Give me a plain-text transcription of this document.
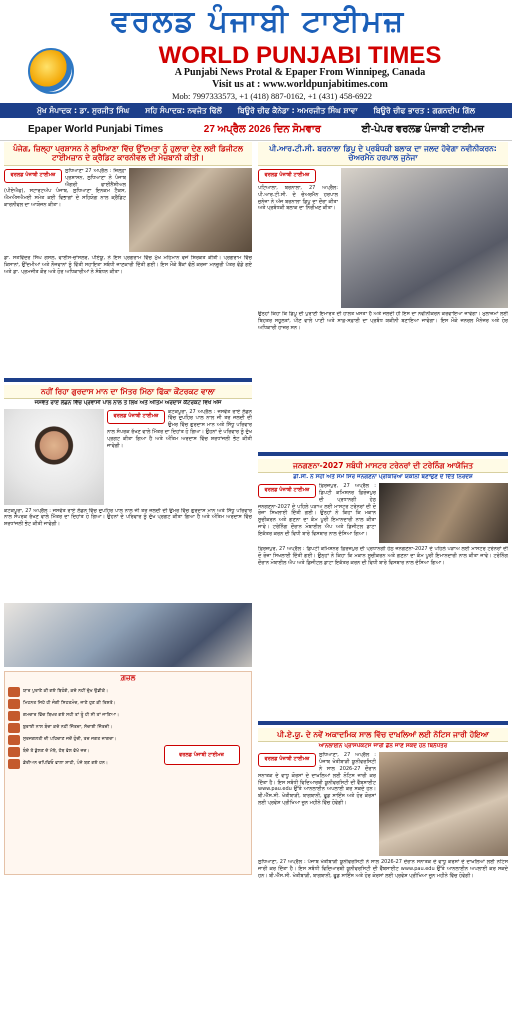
ਵਰਲਡ ਪੰਜਾਬੀ ਟਾਈਮਜ਼
WORLD PUNJABI TIMES
A Punjabi News Protal & Epaper From Winnipeg, Canada
Visit us at : www.worldpunjabitimes.com
Mob: 7997333573, +1 (418) 887-0162, +1 (431) 458-6922
ਮੁੱਖ ਸੰਪਾਦਕ : ਡਾ. ਸੁਰਜੀਤ ਸਿੰਘ ਸਹਿ ਸੰਪਾਦਕ: ਨਵਜੋਤ ਢਿੱਲੋਂ ਬਿਊਰੋ ਚੀਫ ਕੈਨੇਡਾ : ਅਮਰਜੀਤ ਸਿੰਘ ਸ਼ਾਵਾ ਬਿਊਰੋ ਚੀਫ ਭਾਰਤ : ਗਗਨਦੀਪ ਗਿੱਲ
Epaper World Punjabi Times	27 ਅਪ੍ਰੈਲ 2026 ਦਿਨ ਸੋਮਵਾਰ	ਈ-ਪੇਪਰ ਵਰਲਡ ਪੰਜਾਬੀ ਟਾਈਮਜ਼
ਪੰਜੇਗ, ਜ਼ਿਲ੍ਹਾ ਪ੍ਰਸ਼ਾਸਨ ਨੇ ਲੁਧਿਆਣਾ ਵਿੱਚ ਉੱਦਮਤਾ ਨੂੰ ਹੁਲਾਰਾ ਦੇਣ ਲਈ ਡਿਜੀਟਲ ਟਾਈਮਜ਼ਾਨ ਦੇ ਕ੍ਰੈਡਿਟ ਕਾਰਨੀਵਲ ਦੀ ਮੇਜ਼ਬਾਨੀ ਕੀਤੀ।
ਵਰਲਡ ਪੰਜਾਬੀ ਟਾਈਮਜ਼
ਲੁਧਿਆਣਾ 27 ਅਪ੍ਰੈਲ : ਜ਼ਿਲ੍ਹਾ ਪ੍ਰਸ਼ਾਸਨ, ਲੁਧਿਆਣਾ ਨੇ ਪੰਜਾਬ ਐਗਰੀ ਫਾਈਨੈਂਸ਼ੀਅਲ (ਪੀਏਐਫ), ਸਟਾਰਟਅੱਪ ਪੰਜਾਬ, ਲੁਧਿਆਣਾ ਇਨਕਮ ਟੈਕਸ, ਐਮਐਸਐਮਈ ਸਮੇਤ ਕਈ ਵਿਭਾਗਾਂ ਦੇ ਸਹਿਯੋਗ ਨਾਲ ਕ੍ਰੈਡਿਟ ਕਾਰਨੀਵਲ ਦਾ ਆਯੋਜਨ ਕੀਤਾ।
ਡਾ. ਸਤਵਿੰਦਰ ਸਿੰਘ ਗੋਸਲ, ਵਾਈਸ-ਚਾਂਸਲਰ, ਪੀਏਯੂ, ਨੇ ਇਸ ਪ੍ਰੋਗਰਾਮ ਵਿੱਚ ਮੁੱਖ ਮਹਿਮਾਨ ਵਜੋਂ ਸ਼ਿਰਕਤ ਕੀਤੀ। ਪ੍ਰੋਗਰਾਮ ਵਿੱਚ ਕਿਸਾਨਾਂ, ਉੱਦਮੀਆਂ ਅਤੇ ਨੌਜਵਾਨਾਂ ਨੂੰ ਵਿੱਤੀ ਸਹਾਇਤਾ ਸਬੰਧੀ ਜਾਣਕਾਰੀ ਦਿੱਤੀ ਗਈ। ਇਸ ਮੌਕੇ ਬੈਂਕਾਂ ਵੱਲੋਂ ਕਰਜ਼ਾ ਮਨਜ਼ੂਰੀ ਪੱਤਰ ਵੰਡੇ ਗਏ ਅਤੇ ਡਾ. ਪ੍ਰਮਜੀਤ ਕੌਰ ਅਤੇ ਹੋਰ ਅਧਿਕਾਰੀਆਂ ਨੇ ਸੰਬੋਧਨ ਕੀਤਾ।
ਨਹੀਂ ਰਿਹਾ ਗੁਰਦਾਸ ਮਾਨ ਦਾ ਮਿੱਤਰ ਮਿੱਠਾ ਫਿੱਕਾ ਕੌਂਟਰਕਟ ਵਾਲਾ
ਜਸਵੰਤ ਰਾਏ ਲੰਡਨ ਵਿੱਚ ਪ੍ਰਵਾਸੀ ਪਾਲ ਨਾਲ ਤੇ ਲਿਖ ਅਤੇ ਅੰਤਿਮ ਅਰਦਾਸ ਕੌਂਟਰਕਟ ਵਿਖੇ ਅੱਜ
ਵਰਲਡ ਪੰਜਾਬੀ ਟਾਈਮਜ਼
ਕੋਟਕਪੂਰਾ, 27 ਅਪ੍ਰੈਲ : ਜਸਵੰਤ ਰਾਏ ਲੰਡਨ ਵਿੱਚ ਦੁਪਹਿਰ ਪਾਲ ਨਾਲ ਜੀ ਤਰ ਜਲਦੀ ਦੀ ਉਮਰ ਵਿੱਚ ਗੁਰਦਾਸ ਮਾਨ ਅਤੇ ਸਿੱਧੂ ਪਰਿਵਾਰ ਨਾਲ ਸੰਪਰਕ ਰੱਖਣ ਵਾਲੇ ਮਿੱਤਰ ਦਾ ਦਿਹਾਂਤ ਹੋ ਗਿਆ। ਉਹਨਾਂ ਦੇ ਪਰਿਵਾਰ ਨੂੰ ਦੁੱਖ ਪ੍ਰਗਟ ਕੀਤਾ ਗਿਆ ਹੈ ਅਤੇ ਅੰਤਿਮ ਅਰਦਾਸ ਵਿੱਚ ਸ਼ਰਧਾਂਜਲੀ ਭੇਟ ਕੀਤੀ ਜਾਵੇਗੀ।
ਕੋਟਕਪੂਰਾ, 27 ਅਪ੍ਰੈਲ : ਜਸਵੰਤ ਰਾਏ ਲੰਡਨ ਵਿੱਚ ਦੁਪਹਿਰ ਪਾਲ ਨਾਲ ਜੀ ਤਰ ਜਲਦੀ ਦੀ ਉਮਰ ਵਿੱਚ ਗੁਰਦਾਸ ਮਾਨ ਅਤੇ ਸਿੱਧੂ ਪਰਿਵਾਰ ਨਾਲ ਸੰਪਰਕ ਰੱਖਣ ਵਾਲੇ ਮਿੱਤਰ ਦਾ ਦਿਹਾਂਤ ਹੋ ਗਿਆ। ਉਹਨਾਂ ਦੇ ਪਰਿਵਾਰ ਨੂੰ ਦੁੱਖ ਪ੍ਰਗਟ ਕੀਤਾ ਗਿਆ ਹੈ ਅਤੇ ਅੰਤਿਮ ਅਰਦਾਸ ਵਿੱਚ ਸ਼ਰਧਾਂਜਲੀ ਭੇਟ ਕੀਤੀ ਜਾਵੇਗੀ।
ਗ਼ਜ਼ਲ
ਯਾਰ ਪੁਰਾਣੇ ਕੀ ਗਏ ਬਿਹੰਗੇ, ਕਦੇ ਨਹੀਂ ਦੁੱਖ ਉਡੀਕੇ।
ਮਿਹਨਤ ਜਿਹੇ ਹੀ ਜੰਗੀ ਸਿਹਤਮੰਦ, ਜਾਣੋ ਹੁਣ ਕੀ ਰਿਸ਼ਤੇ।
ਗਮਚਾਰ ਵਿੱਚ ਬਿਖਰ ਗਏ ਸਹੀ ਤਾਂ ਤੂੰ ਹੀ ਸੀ ਤਾਂ ਜਾਣਿਆ।
ਬੁਰਾਈ ਨਾਲ ਬੰਦਾ ਕਦੇ ਨਹੀਂ ਜਿੱਤਦਾ, ਸੱਚਾਈ ਜਿੱਤਦੀ।
ਸੁਰਜਗਲਤੀ ਦੀ ਪਹਿਚਾਣ ਜਦੋਂ ਹੁੰਦੀ, ਤਦ ਜਗਤ ਜਾਗਦਾ।
ਬੰਦੇ ਤੇ ਡੁੱਲਣ ਦੇ ਮੱਥੇ, ਹੱਥ ਵੱਲ ਵੇਖੇ ਜਦ।
ਡੋਰੀਅਨ ਚਪਿਵਿਓ ਵਾਲਾ ਸ਼ਾਹੀ, ਪੰਜੇ ਬਣ ਗਏ ਹਨ।
ਵਰਲਡ ਪੰਜਾਬੀ ਟਾਈਮਜ਼
ਪੀ.ਆਰ.ਟੀ.ਸੀ. ਬਰਨਾਲਾ ਡਿਪੂ ਦੇ ਪ੍ਰਬੰਧਕੀ ਬਲਾਕ ਦਾ ਜਲਦ ਹੋਵੇਗਾ ਨਵੀਨੀਕਰਨ: ਚੇਅਰਮੈਨ ਹਰਪਾਲ ਜੁਨੇਜਾ
ਵਰਲਡ ਪੰਜਾਬੀ ਟਾਈਮਜ਼
ਪਟਿਆਲਾ, ਬਰਨਾਲਾ, 27 ਅਪ੍ਰੈਲ: ਪੀ.ਆਰ.ਟੀ.ਸੀ. ਦੇ ਚੇਅਰਮੈਨ ਹਰਪਾਲ ਜੁਨੇਜਾ ਨੇ ਅੱਜ ਬਰਨਾਲਾ ਡਿਪੂ ਦਾ ਦੌਰਾ ਕੀਤਾ ਅਤੇ ਪ੍ਰਬੰਧਕੀ ਬਲਾਕ ਦਾ ਨਿਰੀਖਣ ਕੀਤਾ।
ਉਨ੍ਹਾਂ ਕਿਹਾ ਕਿ ਡਿਪੂ ਦੀ ਪੁਰਾਣੀ ਇਮਾਰਤ ਦੀ ਹਾਲਤ ਖਸਤਾ ਹੈ ਅਤੇ ਜਲਦੀ ਹੀ ਇਸ ਦਾ ਨਵੀਨੀਕਰਨ ਕਰਵਾਇਆ ਜਾਵੇਗਾ। ਮੁਲਾਜ਼ਮਾਂ ਲਈ ਬਿਹਤਰ ਸਹੂਲਤਾਂ, ਪੀਣ ਵਾਲੇ ਪਾਣੀ ਅਤੇ ਸਾਫ਼-ਸਫ਼ਾਈ ਦਾ ਪ੍ਰਬੰਧ ਯਕੀਨੀ ਬਣਾਇਆ ਜਾਵੇਗਾ। ਇਸ ਮੌਕੇ ਜਨਰਲ ਮੈਨੇਜਰ ਅਤੇ ਹੋਰ ਅਧਿਕਾਰੀ ਹਾਜ਼ਰ ਸਨ।
ਜਨਗਣਨਾ-2027 ਸਬੰਧੀ ਮਾਸਟਰ ਟਰੇਨਰਾਂ ਦੀ ਟਰੇਨਿੰਗ ਆਯੋਜਿਤ
ਡੀ.ਸੀ. ਨੇ ਸਹੀ ਅਤੇ ਸਮੇਂ ਸਿਰ ਜਨਗਣਨਾ ਪ੍ਰਕਿਰਿਆ ਯਕੀਨੀ ਬਣਾਉਣ ਦੇ ਦਿੱਤੇ ਨਿਰਦੇਸ਼
ਵਰਲਡ ਪੰਜਾਬੀ ਟਾਈਮਜ਼
ਫ਼ਿਰੋਜ਼ਪੁਰ, 27 ਅਪ੍ਰੈਲ : ਡਿਪਟੀ ਕਮਿਸ਼ਨਰ ਫ਼ਿਰੋਜ਼ਪੁਰ ਦੀ ਪ੍ਰਧਾਨਗੀ ਹੇਠ ਜਨਗਣਨਾ-2027 ਦੇ ਪਹਿਲੇ ਪੜਾਅ ਲਈ ਮਾਸਟਰ ਟਰੇਨਰਾਂ ਦੀ ਦੋ ਰੋਜ਼ਾ ਸਿਖਲਾਈ ਦਿੱਤੀ ਗਈ। ਉਨ੍ਹਾਂ ਨੇ ਕਿਹਾ ਕਿ ਮਕਾਨ ਸੂਚੀਕਰਨ ਅਤੇ ਗਣਨਾ ਦਾ ਕੰਮ ਪੂਰੀ ਇਮਾਨਦਾਰੀ ਨਾਲ ਕੀਤਾ ਜਾਵੇ। ਟਰੇਨਿੰਗ ਦੌਰਾਨ ਮੋਬਾਈਲ ਐਪ ਅਤੇ ਡਿਜੀਟਲ ਡਾਟਾ ਇਕੱਤਰ ਕਰਨ ਦੀ ਵਿਧੀ ਬਾਰੇ ਵਿਸਥਾਰ ਨਾਲ ਦੱਸਿਆ ਗਿਆ।
ਫ਼ਿਰੋਜ਼ਪੁਰ, 27 ਅਪ੍ਰੈਲ : ਡਿਪਟੀ ਕਮਿਸ਼ਨਰ ਫ਼ਿਰੋਜ਼ਪੁਰ ਦੀ ਪ੍ਰਧਾਨਗੀ ਹੇਠ ਜਨਗਣਨਾ-2027 ਦੇ ਪਹਿਲੇ ਪੜਾਅ ਲਈ ਮਾਸਟਰ ਟਰੇਨਰਾਂ ਦੀ ਦੋ ਰੋਜ਼ਾ ਸਿਖਲਾਈ ਦਿੱਤੀ ਗਈ। ਉਨ੍ਹਾਂ ਨੇ ਕਿਹਾ ਕਿ ਮਕਾਨ ਸੂਚੀਕਰਨ ਅਤੇ ਗਣਨਾ ਦਾ ਕੰਮ ਪੂਰੀ ਇਮਾਨਦਾਰੀ ਨਾਲ ਕੀਤਾ ਜਾਵੇ। ਟਰੇਨਿੰਗ ਦੌਰਾਨ ਮੋਬਾਈਲ ਐਪ ਅਤੇ ਡਿਜੀਟਲ ਡਾਟਾ ਇਕੱਤਰ ਕਰਨ ਦੀ ਵਿਧੀ ਬਾਰੇ ਵਿਸਥਾਰ ਨਾਲ ਦੱਸਿਆ ਗਿਆ।
ਪੀ.ਏ.ਯੂ. ਦੇ ਨਵੇਂ ਅਕਾਦਮਿਕ ਸਾਲ ਵਿੱਚ ਦਾਖ਼ਲਿਆਂ ਲਈ ਨੋਟਿਸ ਜਾਰੀ ਹੋਇਆ
ਆਨਲਾਈਨ ਪ੍ਰਾਸਪੈਕਟਸ ਜਾਰੀ ਡੌਨ ਜਾਣ ਸਕਦੇ ਹਨ ਬਿਨੈਪੱਤਰ
ਵਰਲਡ ਪੰਜਾਬੀ ਟਾਈਮਜ਼
ਲੁਧਿਆਣਾ, 27 ਅਪ੍ਰੈਲ : ਪੰਜਾਬ ਖੇਤੀਬਾੜੀ ਯੂਨੀਵਰਸਿਟੀ ਨੇ ਸਾਲ 2026-27 ਦੌਰਾਨ ਸਨਾਤਕ ਦੇ ਵਾਧੂ ਕੋਰਸਾਂ ਦੇ ਦਾਖ਼ਲਿਆਂ ਲਈ ਨੋਟਿਸ ਜਾਰੀ ਕਰ ਦਿੱਤਾ ਹੈ। ਇਸ ਸਬੰਧੀ ਵਿਦਿਆਰਥੀ ਯੂਨੀਵਰਸਿਟੀ ਦੀ ਵੈੱਬਸਾਈਟ www.pau.edu ਉੱਤੇ ਆਨਲਾਈਨ ਅਪਲਾਈ ਕਰ ਸਕਦੇ ਹਨ। ਬੀ.ਐੱਸ.ਸੀ. ਖੇਤੀਬਾੜੀ, ਬਾਗਬਾਨੀ, ਫੂਡ ਸਾਇੰਸ ਅਤੇ ਹੋਰ ਕੋਰਸਾਂ ਲਈ ਪ੍ਰਵੇਸ਼ ਪ੍ਰੀਖਿਆ ਜੂਨ ਮਹੀਨੇ ਵਿੱਚ ਹੋਵੇਗੀ।
ਲੁਧਿਆਣਾ, 27 ਅਪ੍ਰੈਲ : ਪੰਜਾਬ ਖੇਤੀਬਾੜੀ ਯੂਨੀਵਰਸਿਟੀ ਨੇ ਸਾਲ 2026-27 ਦੌਰਾਨ ਸਨਾਤਕ ਦੇ ਵਾਧੂ ਕੋਰਸਾਂ ਦੇ ਦਾਖ਼ਲਿਆਂ ਲਈ ਨੋਟਿਸ ਜਾਰੀ ਕਰ ਦਿੱਤਾ ਹੈ। ਇਸ ਸਬੰਧੀ ਵਿਦਿਆਰਥੀ ਯੂਨੀਵਰਸਿਟੀ ਦੀ ਵੈੱਬਸਾਈਟ www.pau.edu ਉੱਤੇ ਆਨਲਾਈਨ ਅਪਲਾਈ ਕਰ ਸਕਦੇ ਹਨ। ਬੀ.ਐੱਸ.ਸੀ. ਖੇਤੀਬਾੜੀ, ਬਾਗਬਾਨੀ, ਫੂਡ ਸਾਇੰਸ ਅਤੇ ਹੋਰ ਕੋਰਸਾਂ ਲਈ ਪ੍ਰਵੇਸ਼ ਪ੍ਰੀਖਿਆ ਜੂਨ ਮਹੀਨੇ ਵਿੱਚ ਹੋਵੇਗੀ।
